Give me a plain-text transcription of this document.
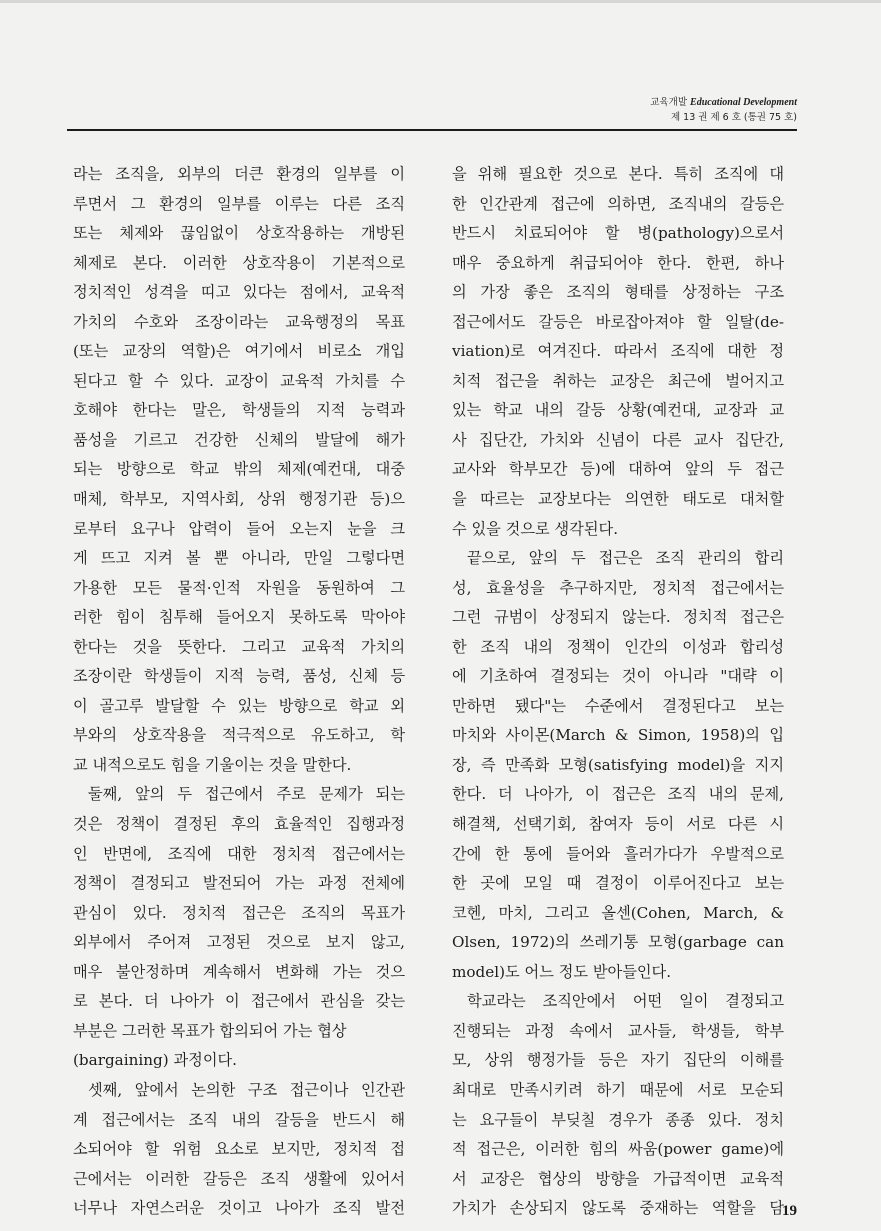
교육개발 Educational Development
제 13 권 제 6 호 (통권 75 호)
라는 조직을, 외부의 더큰 환경의 일부를 이
루면서 그 환경의 일부를 이루는 다른 조직
또는 체제와 끊임없이 상호작용하는 개방된
체제로 본다. 이러한 상호작용이 기본적으로
정치적인 성격을 띠고 있다는 점에서, 교육적
가치의 수호와 조장이라는 교육행정의 목표
(또는 교장의 역할)은 여기에서 비로소 개입
된다고 할 수 있다. 교장이 교육적 가치를 수
호해야 한다는 말은, 학생들의 지적 능력과
품성을 기르고 건강한 신체의 발달에 해가
되는 방향으로 학교 밖의 체제(예컨대, 대중
매체, 학부모, 지역사회, 상위 행정기관 등)으
로부터 요구나 압력이 들어 오는지 눈을 크
게 뜨고 지켜 볼 뿐 아니라, 만일 그렇다면
가용한 모든 물적·인적 자원을 동원하여 그
러한 힘이 침투해 들어오지 못하도록 막아야
한다는 것을 뜻한다. 그리고 교육적 가치의
조장이란 학생들이 지적 능력, 품성, 신체 등
이 골고루 발달할 수 있는 방향으로 학교 외
부와의 상호작용을 적극적으로 유도하고, 학
교 내적으로도 힘을 기울이는 것을 말한다.
둘째, 앞의 두 접근에서 주로 문제가 되는
것은 정책이 결정된 후의 효율적인 집행과정
인 반면에, 조직에 대한 정치적 접근에서는
정책이 결정되고 발전되어 가는 과정 전체에
관심이 있다. 정치적 접근은 조직의 목표가
외부에서 주어져 고정된 것으로 보지 않고,
매우 불안정하며 계속해서 변화해 가는 것으
로 본다. 더 나아가 이 접근에서 관심을 갖는
부분은 그러한 목표가 합의되어 가는 협상
(bargaining) 과정이다.
셋째, 앞에서 논의한 구조 접근이나 인간관
계 접근에서는 조직 내의 갈등을 반드시 해
소되어야 할 위험 요소로 보지만, 정치적 접
근에서는 이러한 갈등은 조직 생활에 있어서
너무나 자연스러운 것이고 나아가 조직 발전
을 위해 필요한 것으로 본다. 특히 조직에 대
한 인간관계 접근에 의하면, 조직내의 갈등은
반드시 치료되어야 할 병(pathology)으로서
매우 중요하게 취급되어야 한다. 한편, 하나
의 가장 좋은 조직의 형태를 상정하는 구조
접근에서도 갈등은 바로잡아져야 할 일탈(de-
viation)로 여겨진다. 따라서 조직에 대한 정
치적 접근을 취하는 교장은 최근에 벌어지고
있는 학교 내의 갈등 상황(예컨대, 교장과 교
사 집단간, 가치와 신념이 다른 교사 집단간,
교사와 학부모간 등)에 대하여 앞의 두 접근
을 따르는 교장보다는 의연한 태도로 대처할
수 있을 것으로 생각된다.
끝으로, 앞의 두 접근은 조직 관리의 합리
성, 효율성을 추구하지만, 정치적 접근에서는
그런 규범이 상정되지 않는다. 정치적 접근은
한 조직 내의 정책이 인간의 이성과 합리성
에 기초하여 결정되는 것이 아니라 "대략 이
만하면 됐다"는 수준에서 결정된다고 보는
마치와 사이몬(March & Simon, 1958)의 입
장, 즉 만족화 모형(satisfying model)을 지지
한다. 더 나아가, 이 접근은 조직 내의 문제,
해결책, 선택기회, 참여자 등이 서로 다른 시
간에 한 통에 들어와 흘러가다가 우발적으로
한 곳에 모일 때 결정이 이루어진다고 보는
코헨, 마치, 그리고 올센(Cohen, March, &
Olsen, 1972)의 쓰레기통 모형(garbage can
model)도 어느 정도 받아들인다.
학교라는 조직안에서 어떤 일이 결정되고
진행되는 과정 속에서 교사들, 학생들, 학부
모, 상위 행정가들 등은 자기 집단의 이해를
최대로 만족시키려 하기 때문에 서로 모순되
는 요구들이 부딪칠 경우가 종종 있다. 정치
적 접근은, 이러한 힘의 싸움(power game)에
서 교장은 협상의 방향을 가급적이면 교육적
가치가 손상되지 않도록 중재하는 역할을 담
19
